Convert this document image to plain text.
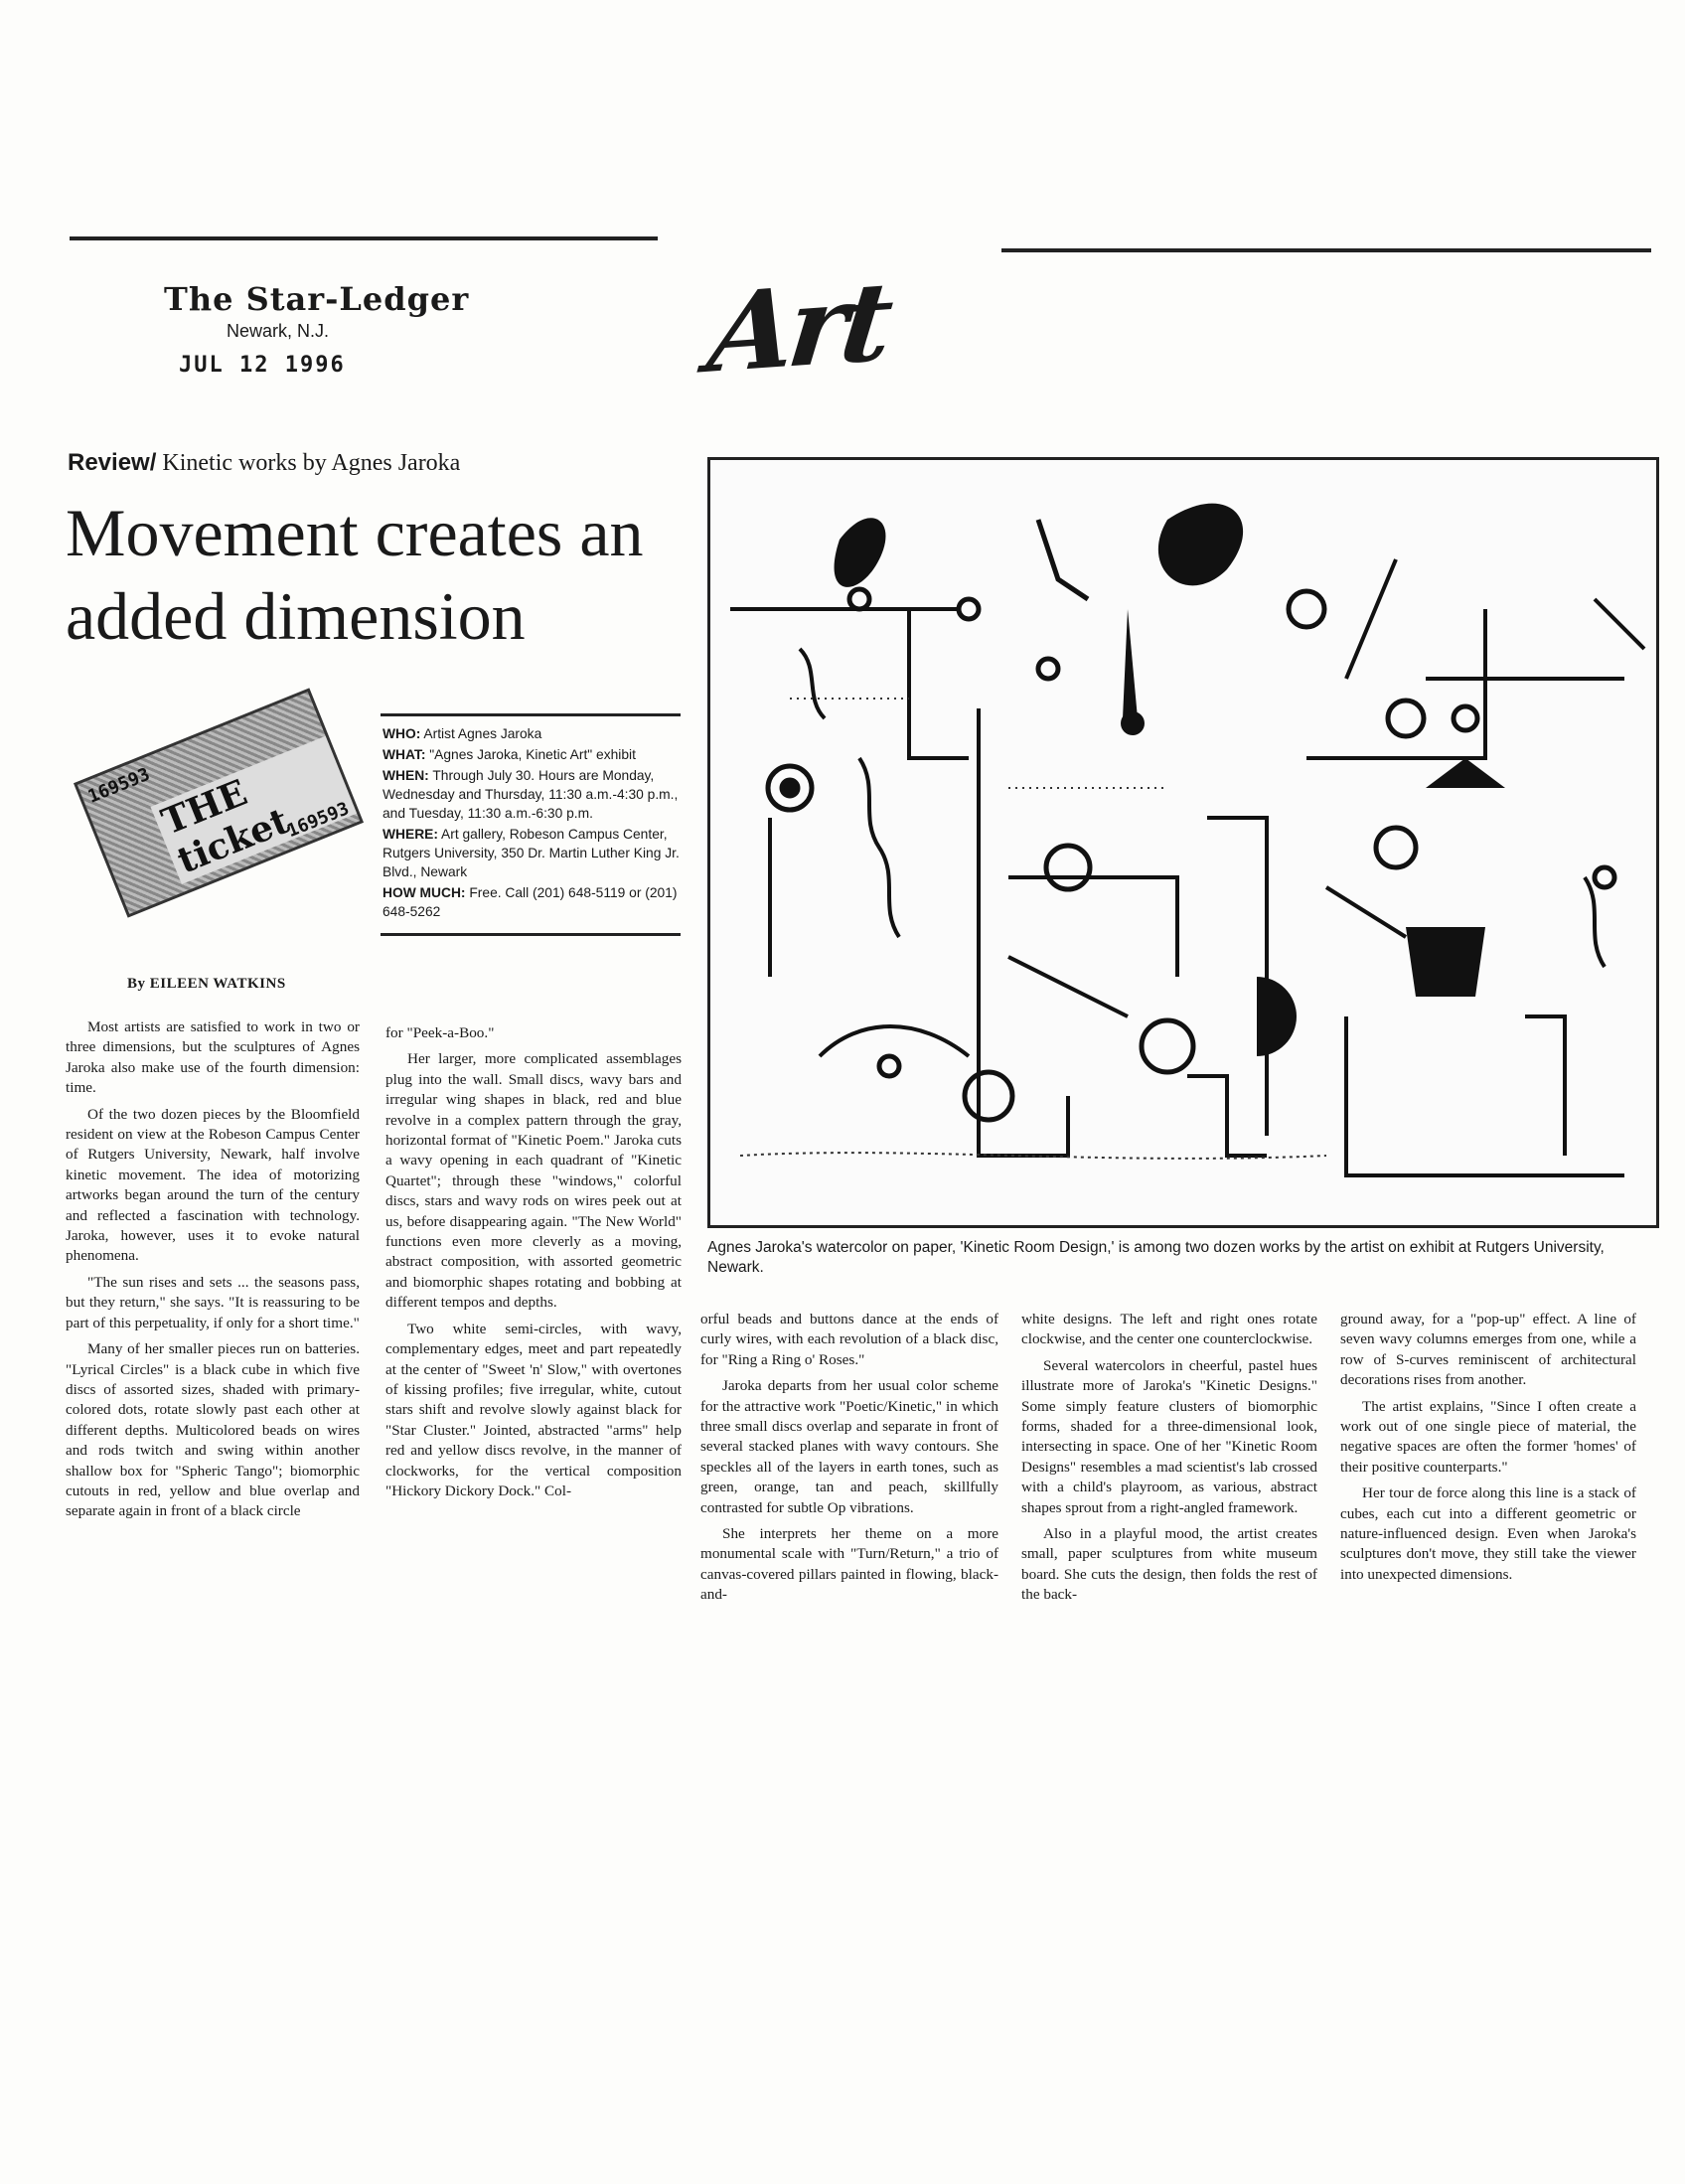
The Star-Ledger
Newark, N.J.
JUL 12 1996	Art
Review/ Kinetic works by Agnes Jaroka
Movement creates an added dimension
169593 THE ticket
169593

WHO: Artist Agnes Jaroka

WHAT: "Agnes Jaroka, Kinetic Art" exhibit

WHEN: Through July 30. Hours are Monday, Wednesday and Thursday, 11:30 a.m.-4:30 p.m., and Tuesday, 11:30 a.m.-6:30 p.m.

WHERE: Art gallery, Robeson Campus Center, Rutgers University, 350 Dr. Martin Luther King Jr. Blvd., Newark

HOW MUCH: Free. Call (201) 648-5119 or (201) 648-5262

By EILEEN WATKINS

Most artists are satisfied to work in two or three dimensions, but the sculptures of Agnes Jaroka also make use of the fourth dimension: time.

Of the two dozen pieces by the Bloomfield resident on view at the Robeson Campus Center of Rutgers University, Newark, half involve kinetic movement. The idea of motorizing artworks began around the turn of the century and reflected a fascination with technology. Jaroka, however, uses it to evoke natural phenomena.

"The sun rises and sets ... the seasons pass, but they return," she says. "It is reassuring to be part of this perpetuality, if only for a short time."

Many of her smaller pieces run on batteries. "Lyrical Circles" is a black cube in which five discs of assorted sizes, shaded with primary-colored dots, rotate slowly past each other at different depths. Multicolored beads on wires and rods twitch and swing within another shallow box for "Spheric Tango"; biomorphic cutouts in red, yellow and blue overlap and separate again in front of a black circle

for "Peek-a-Boo."

Her larger, more complicated assemblages plug into the wall. Small discs, wavy bars and irregular wing shapes in black, red and blue revolve in a complex pattern through the gray, horizontal format of "Kinetic Poem." Jaroka cuts a wavy opening in each quadrant of "Kinetic Quartet"; through these "windows," colorful discs, stars and wavy rods on wires peek out at us, before disappearing again. "The New World" functions even more cleverly as a moving, abstract composition, with assorted geometric and biomorphic shapes rotating and bobbing at different tempos and depths.

Two white semi-circles, with wavy, complementary edges, meet and part repeatedly at the center of "Sweet 'n' Slow," with overtones of kissing profiles; five irregular, white, cutout stars shift and revolve slowly against black for "Star Cluster." Jointed, abstracted "arms" help red and yellow discs revolve, in the manner of clockworks, for the vertical composition "Hickory Dickory Dock." Col-

Agnes Jaroka's watercolor on paper, 'Kinetic Room Design,' is among two dozen works by the artist on exhibit at Rutgers University, Newark.

orful beads and buttons dance at the ends of curly wires, with each revolution of a black disc, for "Ring a Ring o' Roses."

Jaroka departs from her usual color scheme for the attractive work "Poetic/Kinetic," in which three small discs overlap and separate in front of several stacked planes with wavy contours. She speckles all of the layers in earth tones, such as green, orange, tan and peach, skillfully contrasted for subtle Op vibrations.

She interprets her theme on a more monumental scale with "Turn/Return," a trio of canvas-covered pillars painted in flowing, black-and-

white designs. The left and right ones rotate clockwise, and the center one counterclockwise.

Several watercolors in cheerful, pastel hues illustrate more of Jaroka's "Kinetic Designs." Some simply feature clusters of biomorphic forms, shaded for a three-dimensional look, intersecting in space. One of her "Kinetic Room Designs" resembles a mad scientist's lab crossed with a child's playroom, as various, abstract shapes sprout from a right-angled framework.

Also in a playful mood, the artist creates small, paper sculptures from white museum board. She cuts the design, then folds the rest of the back-

ground away, for a "pop-up" effect. A line of seven wavy columns emerges from one, while a row of S-curves reminiscent of architectural decorations rises from another.

The artist explains, "Since I often create a work out of one single piece of material, the negative spaces are often the former 'homes' of their positive counterparts."

Her tour de force along this line is a stack of cubes, each cut into a different geometric or nature-influenced design. Even when Jaroka's sculptures don't move, they still take the viewer into unexpected dimensions.
